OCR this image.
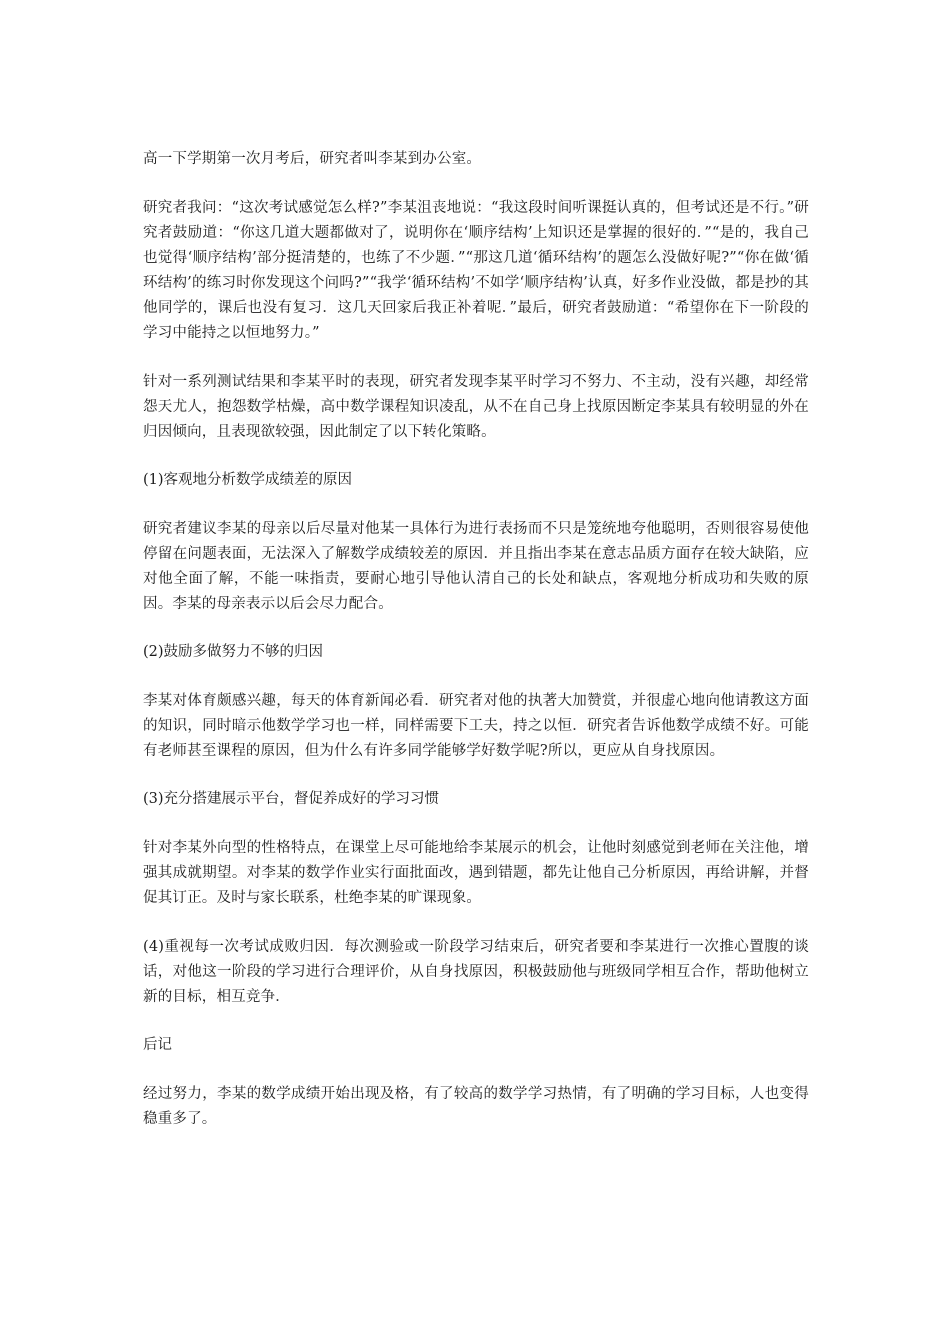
高一下学期第一次月考后，研究者叫李某到办公室。

研究者我问：“这次考试感觉怎么样?”李某沮丧地说：“我这段时间听课挺认真的，但考试还是不行。”研究者鼓励道：“你这几道大题都做对了，说明你在‘顺序结构’上知识还是掌握的很好的．”“是的，我自己也觉得‘顺序结构’部分挺清楚的，也练了不少题．”“那这几道‘循环结构’的题怎么没做好呢?”“你在做‘循环结构’的练习时你发现这个问吗?”“我学‘循环结构’不如学‘顺序结构’认真，好多作业没做，都是抄的其他同学的，课后也没有复习．这几天回家后我正补着呢．”最后，研究者鼓励道：“希望你在下一阶段的学习中能持之以恒地努力。”

针对一系列测试结果和李某平时的表现，研究者发现李某平时学习不努力、不主动，没有兴趣，却经常怨天尤人，抱怨数学枯燥，高中数学课程知识凌乱，从不在自己身上找原因断定李某具有较明显的外在归因倾向，且表现欲较强，因此制定了以下转化策略。

(1)客观地分析数学成绩差的原因

研究者建议李某的母亲以后尽量对他某一具体行为进行表扬而不只是笼统地夸他聪明，否则很容易使他停留在问题表面，无法深入了解数学成绩较差的原因．并且指出李某在意志品质方面存在较大缺陷，应对他全面了解，不能一味指责，要耐心地引导他认清自己的长处和缺点，客观地分析成功和失败的原因。李某的母亲表示以后会尽力配合。

(2)鼓励多做努力不够的归因

李某对体育颇感兴趣，每天的体育新闻必看．研究者对他的执著大加赞赏，并很虚心地向他请教这方面的知识，同时暗示他数学学习也一样，同样需要下工夫，持之以恒．研究者告诉他数学成绩不好。可能有老师甚至课程的原因，但为什么有许多同学能够学好数学呢?所以，更应从自身找原因。

(3)充分搭建展示平台，督促养成好的学习习惯

针对李某外向型的性格特点，在课堂上尽可能地给李某展示的机会，让他时刻感觉到老师在关注他，增强其成就期望。对李某的数学作业实行面批面改，遇到错题，都先让他自己分析原因，再给讲解，并督促其订正。及时与家长联系，杜绝李某的旷课现象。

(4)重视每一次考试成败归因．每次测验或一阶段学习结束后，研究者要和李某进行一次推心置腹的谈话，对他这一阶段的学习进行合理评价，从自身找原因，积极鼓励他与班级同学相互合作，帮助他树立新的目标，相互竞争．

后记

经过努力，李某的数学成绩开始出现及格，有了较高的数学学习热情，有了明确的学习目标，人也变得稳重多了。
